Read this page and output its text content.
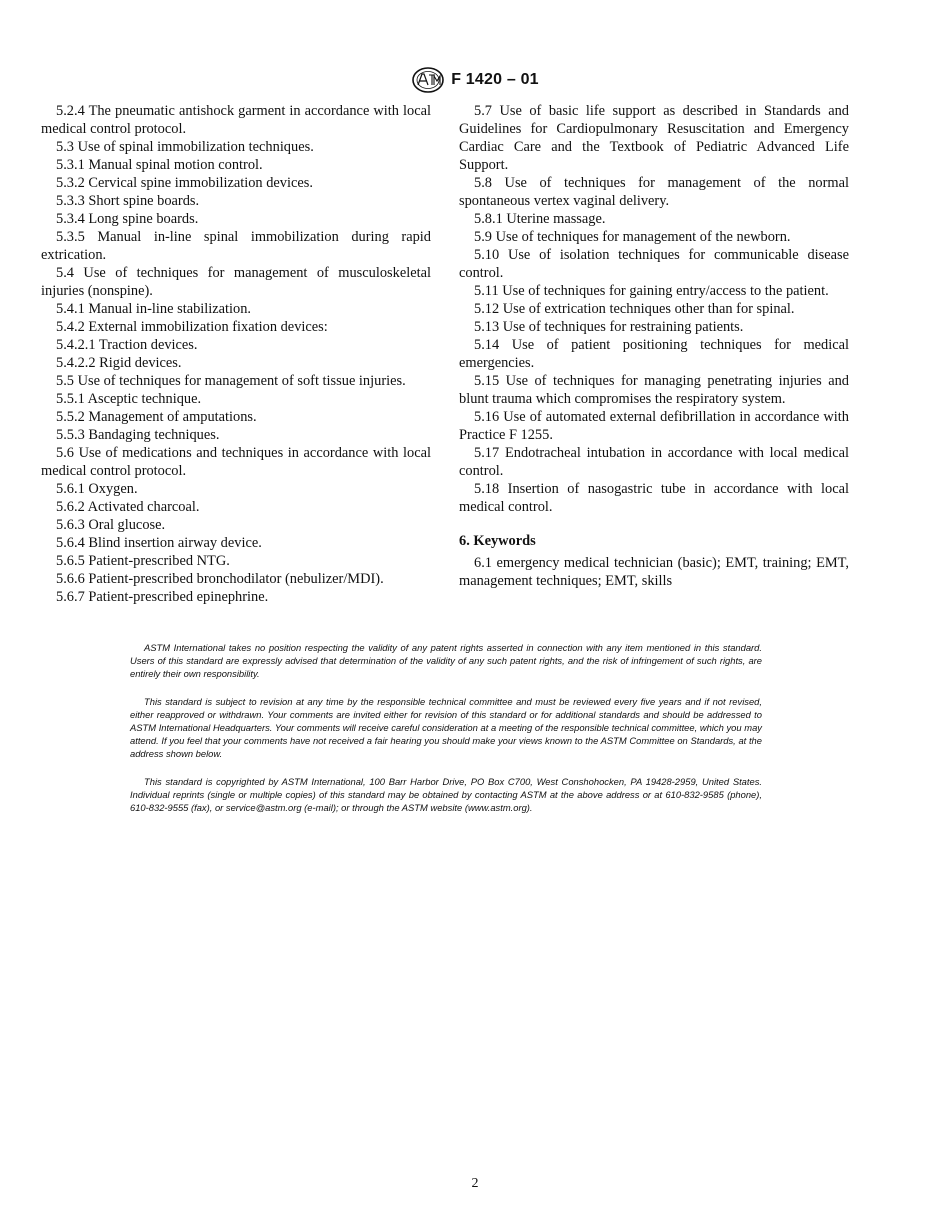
F 1420 – 01

5.2.4 The pneumatic antishock garment in accordance with local medical control protocol.

5.3 Use of spinal immobilization techniques.

5.3.1 Manual spinal motion control.

5.3.2 Cervical spine immobilization devices.

5.3.3 Short spine boards.

5.3.4 Long spine boards.

5.3.5 Manual in-line spinal immobilization during rapid extrication.

5.4 Use of techniques for management of musculoskeletal injuries (nonspine).

5.4.1 Manual in-line stabilization.

5.4.2 External immobilization fixation devices:

5.4.2.1 Traction devices.

5.4.2.2 Rigid devices.

5.5 Use of techniques for management of soft tissue injuries.

5.5.1 Asceptic technique.

5.5.2 Management of amputations.

5.5.3 Bandaging techniques.

5.6 Use of medications and techniques in accordance with local medical control protocol.

5.6.1 Oxygen.

5.6.2 Activated charcoal.

5.6.3 Oral glucose.

5.6.4 Blind insertion airway device.

5.6.5 Patient-prescribed NTG.

5.6.6 Patient-prescribed bronchodilator (nebulizer/MDI).

5.6.7 Patient-prescribed epinephrine.

5.7 Use of basic life support as described in Standards and Guidelines for Cardiopulmonary Resuscitation and Emergency Cardiac Care and the Textbook of Pediatric Advanced Life Support.

5.8 Use of techniques for management of the normal spontaneous vertex vaginal delivery.

5.8.1 Uterine massage.

5.9 Use of techniques for management of the newborn.

5.10 Use of isolation techniques for communicable disease control.

5.11 Use of techniques for gaining entry/access to the patient.

5.12 Use of extrication techniques other than for spinal.

5.13 Use of techniques for restraining patients.

5.14 Use of patient positioning techniques for medical emergencies.

5.15 Use of techniques for managing penetrating injuries and blunt trauma which compromises the respiratory system.

5.16 Use of automated external defibrillation in accordance with Practice F 1255.

5.17 Endotracheal intubation in accordance with local medical control.

5.18 Insertion of nasogastric tube in accordance with local medical control.

6. Keywords

6.1 emergency medical technician (basic); EMT, training; EMT, management techniques; EMT, skills

ASTM International takes no position respecting the validity of any patent rights asserted in connection with any item mentioned in this standard. Users of this standard are expressly advised that determination of the validity of any such patent rights, and the risk of infringement of such rights, are entirely their own responsibility.

This standard is subject to revision at any time by the responsible technical committee and must be reviewed every five years and if not revised, either reapproved or withdrawn. Your comments are invited either for revision of this standard or for additional standards and should be addressed to ASTM International Headquarters. Your comments will receive careful consideration at a meeting of the responsible technical committee, which you may attend. If you feel that your comments have not received a fair hearing you should make your views known to the ASTM Committee on Standards, at the address shown below.

This standard is copyrighted by ASTM International, 100 Barr Harbor Drive, PO Box C700, West Conshohocken, PA 19428-2959, United States. Individual reprints (single or multiple copies) of this standard may be obtained by contacting ASTM at the above address or at 610-832-9585 (phone), 610-832-9555 (fax), or service@astm.org (e-mail); or through the ASTM website (www.astm.org).

2
